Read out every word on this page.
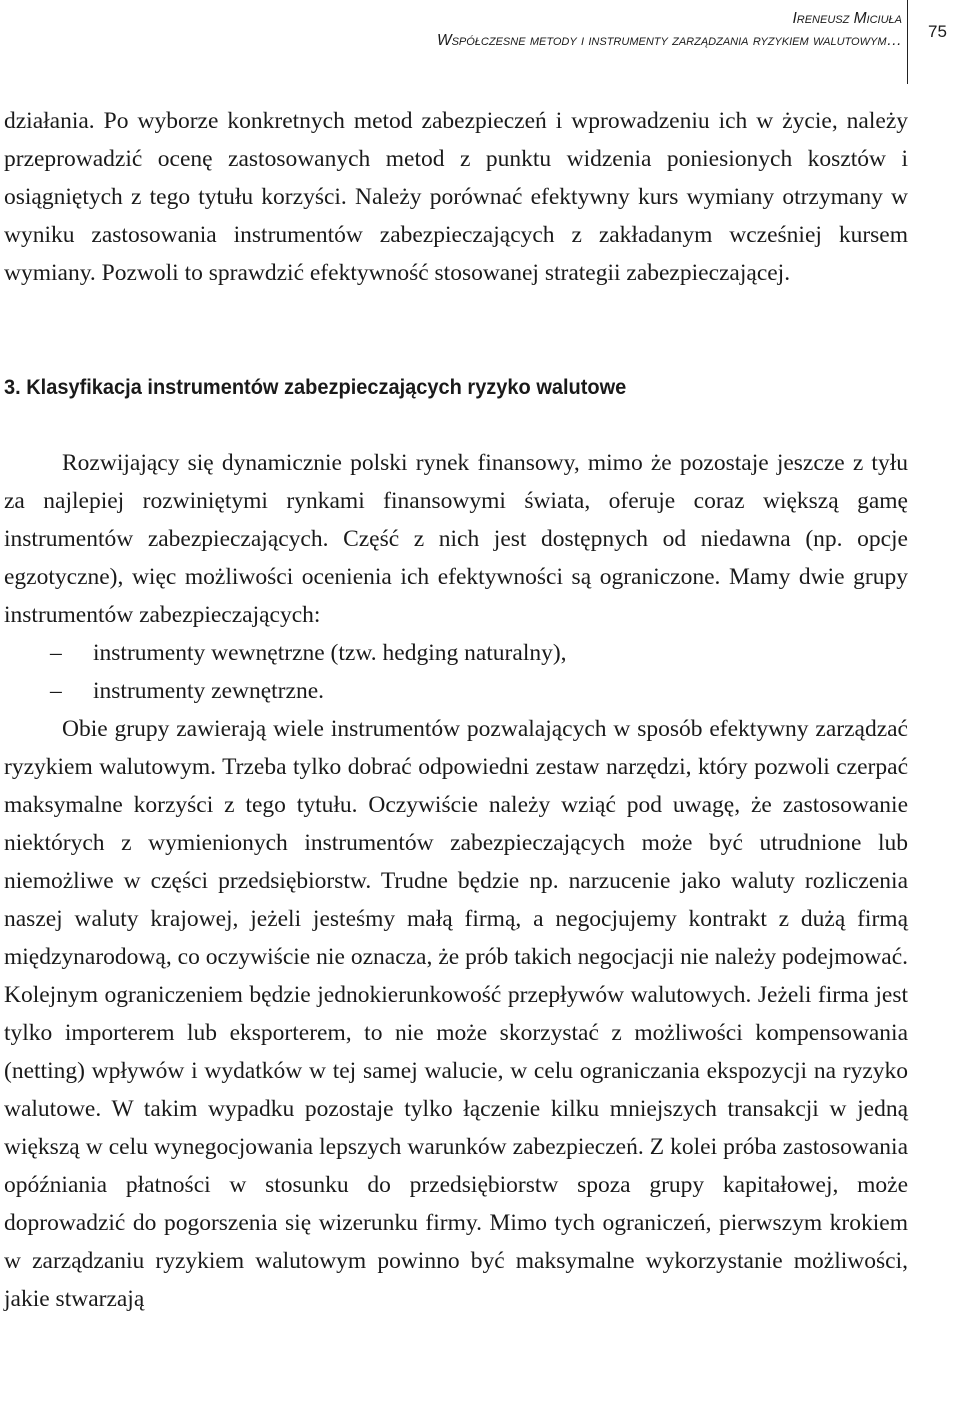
Ireneusz Miciuła
Współczesne metody i instrumenty zarządzania ryzykiem walutowym… 75

działania. Po wyborze konkretnych metod zabezpieczeń i wprowadzeniu ich w życie, należy przeprowadzić ocenę zastosowanych metod z punktu widzenia poniesionych kosztów i osiągniętych z tego tytułu korzyści. Należy porównać efektywny kurs wymiany otrzymany w wyniku zastosowania instrumentów zabezpieczających z zakładanym wcześniej kursem wymiany. Pozwoli to sprawdzić efektywność stosowanej strategii zabezpieczającej.

3. Klasyfikacja instrumentów zabezpieczających ryzyko walutowe

Rozwijający się dynamicznie polski rynek finansowy, mimo że pozostaje jeszcze z tyłu za najlepiej rozwiniętymi rynkami finansowymi świata, oferuje coraz większą gamę instrumentów zabezpieczających. Część z nich jest dostępnych od niedawna (np. opcje egzotyczne), więc możliwości ocenienia ich efektywności są ograniczone. Mamy dwie grupy instrumentów zabezpieczających:

– instrumenty wewnętrzne (tzw. hedging naturalny),
– instrumenty zewnętrzne.

Obie grupy zawierają wiele instrumentów pozwalających w sposób efektywny zarządzać ryzykiem walutowym. Trzeba tylko dobrać odpowiedni zestaw narzędzi, który pozwoli czerpać maksymalne korzyści z tego tytułu. Oczywiście należy wziąć pod uwagę, że zastosowanie niektórych z wymienionych instrumentów zabezpieczających może być utrudnione lub niemożliwe w części przedsiębiorstw. Trudne będzie np. narzucenie jako waluty rozliczenia naszej waluty krajowej, jeżeli jesteśmy małą firmą, a negocjujemy kontrakt z dużą firmą międzynarodową, co oczywiście nie oznacza, że prób takich negocjacji nie należy podejmować. Kolejnym ograniczeniem będzie jednokierunkowość przepływów walutowych. Jeżeli firma jest tylko importerem lub eksporterem, to nie może skorzystać z możliwości kompensowania (netting) wpływów i wydatków w tej samej walucie, w celu ograniczania ekspozycji na ryzyko walutowe. W takim wypadku pozostaje tylko łączenie kilku mniejszych transakcji w jedną większą w celu wynegocjowania lepszych warunków zabezpieczeń. Z kolei próba zastosowania opóźniania płatności w stosunku do przedsiębiorstw spoza grupy kapitałowej, może doprowadzić do pogorszenia się wizerunku firmy. Mimo tych ograniczeń, pierwszym krokiem w zarządzaniu ryzykiem walutowym powinno być maksymalne wykorzystanie możliwości, jakie stwarzają
